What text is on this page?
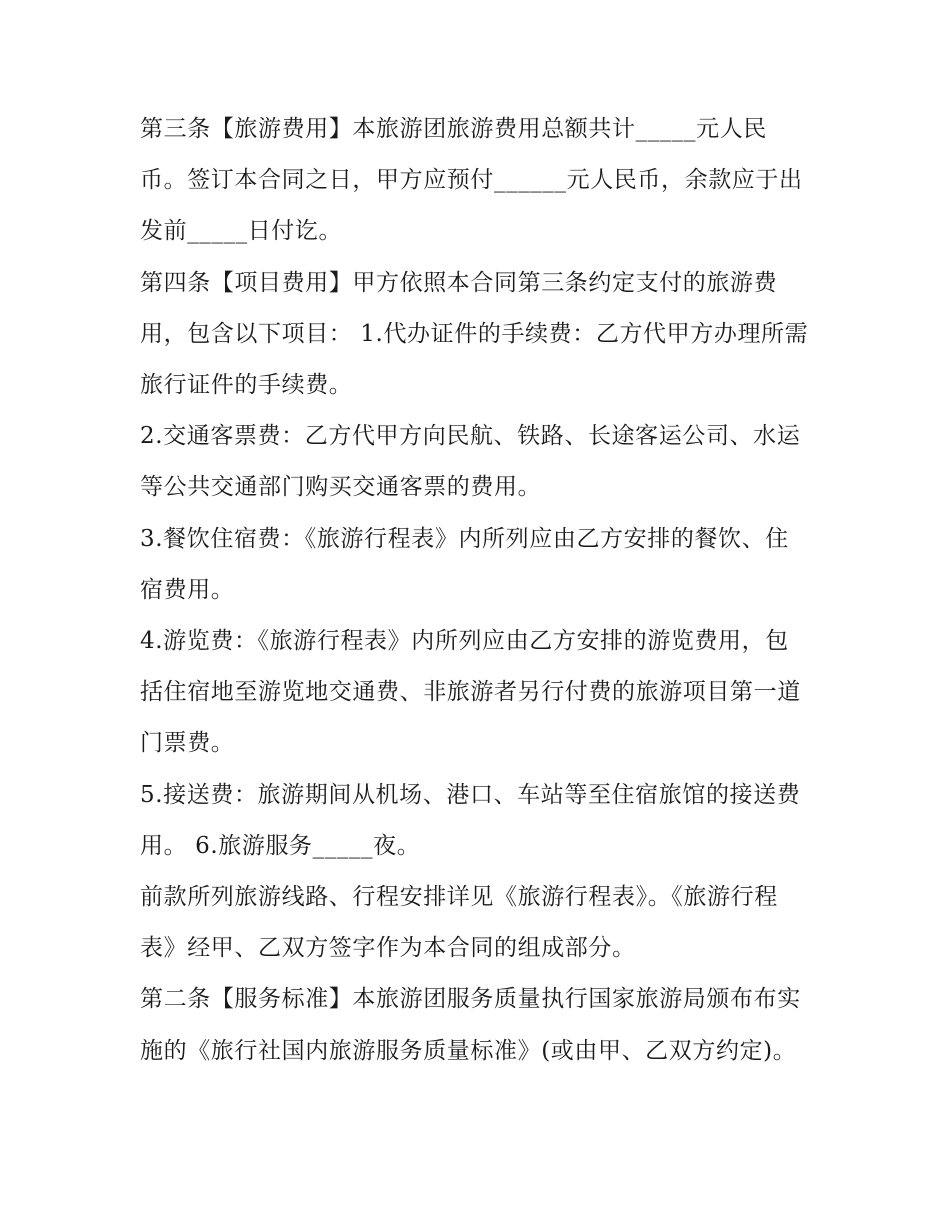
第三条【旅游费用】本旅游团旅游费用总额共计_____元人民币。签订本合同之日，甲方应预付______元人民币，余款应于出发前_____日付讫。

第四条【项目费用】甲方依照本合同第三条约定支付的旅游费用，包含以下项目： 1.代办证件的手续费：乙方代甲方办理所需旅行证件的手续费。

2.交通客票费：乙方代甲方向民航、铁路、长途客运公司、水运等公共交通部门购买交通客票的费用。

3.餐饮住宿费：《旅游行程表》内所列应由乙方安排的餐饮、住宿费用。

4.游览费：《旅游行程表》内所列应由乙方安排的游览费用，包括住宿地至游览地交通费、非旅游者另行付费的旅游项目第一道门票费。

5.接送费：旅游期间从机场、港口、车站等至住宿旅馆的接送费用。 6.旅游服务_____夜。

前款所列旅游线路、行程安排详见《旅游行程表》。《旅游行程表》经甲、乙双方签字作为本合同的组成部分。

第二条【服务标准】本旅游团服务质量执行国家旅游局颁布布实施的《旅行社国内旅游服务质量标准》(或由甲、乙双方约定)。
